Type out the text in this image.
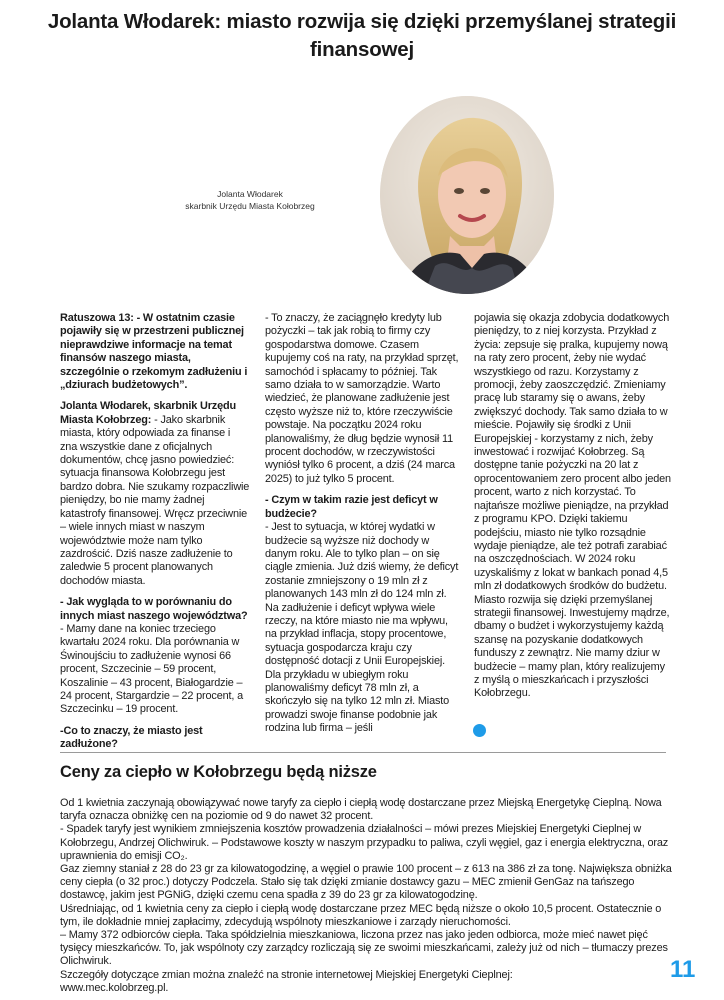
Jolanta Włodarek: miasto rozwija się dzięki przemyślanej strategii finansowej
Jolanta Włodarek
skarbnik Urzędu Miasta Kołobrzeg

Ratuszowa 13: - W ostatnim czasie pojawiły się w przestrzeni publicznej nieprawdziwe informacje na temat finansów naszego miasta, szczególnie o rzekomym zadłużeniu i „dziurach budżetowych”.

Jolanta Włodarek, skarbnik Urzędu Miasta Kołobrzeg: - Jako skarbnik miasta, który odpowiada za finanse i zna wszystkie dane z oficjalnych dokumentów, chcę jasno powiedzieć: sytuacja finansowa Kołobrzegu jest bardzo dobra. Nie szukamy rozpaczliwie pieniędzy, bo nie mamy żadnej katastrofy finansowej. Wręcz przeciwnie – wiele innych miast w naszym województwie może nam tylko zazdrościć. Dziś nasze zadłużenie to zaledwie 5 procent planowanych dochodów miasta.

- Jak wygląda to w porównaniu do innych miast naszego województwa?

- Mamy dane na koniec trzeciego kwartału 2024 roku. Dla porównania w Świnoujściu to zadłużenie wynosi 66 procent, Szczecinie – 59 procent, Koszalinie – 43 procent, Białogardzie – 24 procent, Stargardzie – 22 procent, a Szczecinku – 19 procent.

-Co to znaczy, że miasto jest zadłużone?

- To znaczy, że zaciągnęło kredyty lub pożyczki – tak jak robią to firmy czy gospodarstwa domowe. Czasem kupujemy coś na raty, na przykład sprzęt, samochód i spłacamy to później. Tak samo działa to w samorządzie. Warto wiedzieć, że planowane zadłużenie jest często wyższe niż to, które rzeczywiście powstaje. Na początku 2024 roku planowaliśmy, że dług będzie wynosił 11 procent dochodów, w rzeczywistości wyniósł tylko 6 procent, a dziś (24 marca 2025) to już tylko 5 procent.

- Czym w takim razie jest deficyt w budżecie?

- Jest to sytuacja, w której wydatki w budżecie są wyższe niż dochody w danym roku. Ale to tylko plan – on się ciągle zmienia. Już dziś wiemy, że deficyt zostanie zmniejszony o 19 mln zł z planowanych 143 mln zł do 124 mln zł. Na zadłużenie i deficyt wpływa wiele rzeczy, na które miasto nie ma wpływu, na przykład inflacja, stopy procentowe, sytuacja gospodarcza kraju czy dostępność dotacji z Unii Europejskiej. Dla przykładu w ubiegłym roku planowaliśmy deficyt 78 mln zł, a skończyło się na tylko 12 mln zł. Miasto prowadzi swoje finanse podobnie jak rodzina lub firma – jeśli

pojawia się okazja zdobycia dodatkowych pieniędzy, to z niej korzysta. Przykład z życia: zepsuje się pralka, kupujemy nową na raty zero procent, żeby nie wydać wszystkiego od razu. Korzystamy z promocji, żeby zaoszczędzić. Zmieniamy pracę lub staramy się o awans, żeby zwiększyć dochody. Tak samo działa to w mieście. Pojawiły się środki z Unii Europejskiej - korzystamy z nich, żeby inwestować i rozwijać Kołobrzeg. Są dostępne tanie pożyczki na 20 lat z oprocentowaniem zero procent albo jeden procent, warto z nich korzystać. To najtańsze możliwe pieniądze, na przykład z programu KPO. Dzięki takiemu podejściu, miasto nie tylko rozsądnie wydaje pieniądze, ale też potrafi zarabiać na oszczędnościach. W 2024 roku uzyskaliśmy z lokat w bankach ponad 4,5 mln zł dodatkowych środków do budżetu. Miasto rozwija się dzięki przemyślanej strategii finansowej. Inwestujemy mądrze, dbamy o budżet i wykorzystujemy każdą szansę na pozyskanie dodatkowych funduszy z zewnątrz. Nie mamy dziur w budżecie – mamy plan, który realizujemy z myślą o mieszkańcach i przyszłości Kołobrzegu.

Ceny za ciepło w Kołobrzegu będą niższe

Od 1 kwietnia zaczynają obowiązywać nowe taryfy za ciepło i ciepłą wodę dostarczane przez Miejską Energetykę Cieplną. Nowa taryfa oznacza obniżkę cen na poziomie od 9 do nawet 32 procent.

- Spadek taryfy jest wynikiem zmniejszenia kosztów prowadzenia działalności – mówi prezes Miejskiej Energetyki Cieplnej w Kołobrzegu, Andrzej Olichwiruk. – Podstawowe koszty w naszym przypadku to paliwa, czyli węgiel, gaz i energia elektryczna, oraz uprawnienia do emisji CO₂.

Gaz ziemny staniał z 28 do 23 gr za kilowatogodzinę, a węgiel o prawie 100 procent – z 613 na 386 zł za tonę. Największa obniżka ceny ciepła (o 32 proc.) dotyczy Podczela. Stało się tak dzięki zmianie dostawcy gazu – MEC zmienił GenGaz na tańszego dostawcę, jakim jest PGNiG, dzięki czemu cena spadła z 39 do 23 gr za kilowatogodzinę.

Uśredniając, od 1 kwietnia ceny za ciepło i ciepłą wodę dostarczane przez MEC będą niższe o około 10,5 procent. Ostatecznie o tym, ile dokładnie mniej zapłacimy, zdecydują wspólnoty mieszkaniowe i zarządy nieruchomości.

– Mamy 372 odbiorców ciepła. Taka spółdzielnia mieszkaniowa, liczona przez nas jako jeden odbiorca, może mieć nawet pięć tysięcy mieszkańców. To, jak wspólnoty czy zarządcy rozliczają się ze swoimi mieszkańcami, zależy już od nich – tłumaczy prezes Olichwiruk.

Szczegóły dotyczące zmian można znaleźć na stronie internetowej Miejskiej Energetyki Cieplnej:

www.mec.kolobrzeg.pl.

11
